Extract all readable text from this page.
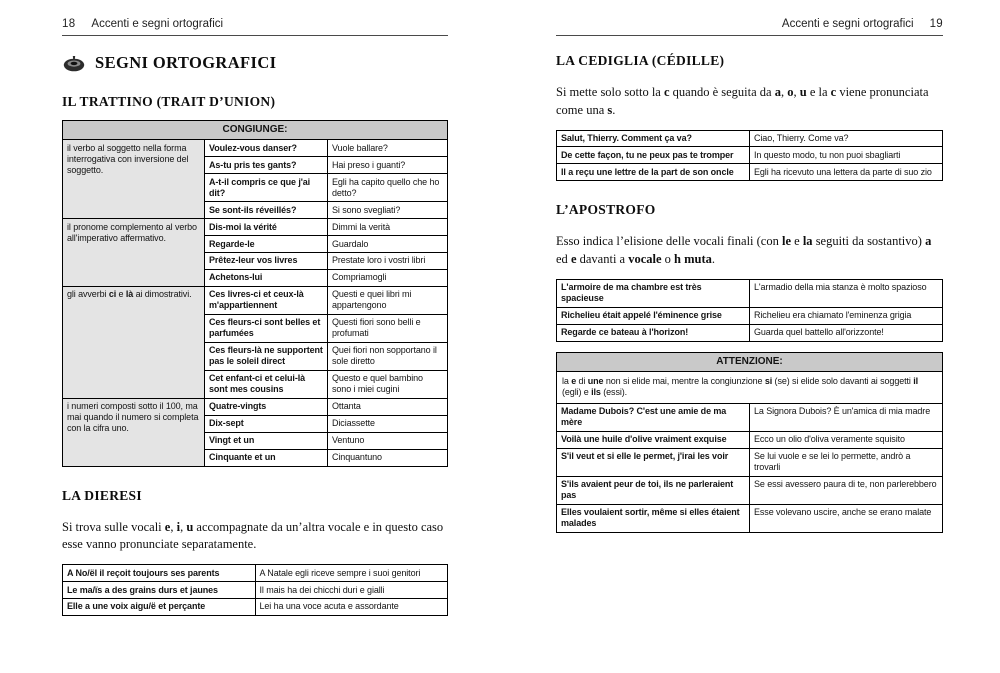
18 Accenti e segni ortografici
SEGNI ORTOGRAFICI
IL TRATTINO (TRAIT D’UNION)
CONGIUNGE:		
il verbo al soggetto nella forma interrogativa con inversione del soggetto.	Voulez-vous danser?	Vuole ballare?
	As-tu pris tes gants?	Hai preso i guanti?
	A-t-il compris ce que j'ai dit?	Egli ha capito quello che ho detto?
	Se sont-ils réveillés?	Si sono svegliati?
il pronome complemento al verbo all'imperativo affermativo.	Dis-moi la vérité	Dimmi la verità
	Regarde-le	Guardalo
	Prêtez-leur vos livres	Prestate loro i vostri libri
	Achetons-lui	Compriamogli
gli avverbi ci e là ai dimostrativi.	Ces livres-ci et ceux-là m'appartiennent	Questi e quei libri mi appartengono
	Ces fleurs-ci sont belles et parfumées	Questi fiori sono belli e profumati
	Ces fleurs-là ne supportent pas le soleil direct	Quei fiori non sopportano il sole diretto
	Cet enfant-ci et celui-là sont mes cousins	Questo e quel bambino sono i miei cugini
i numeri composti sotto il 100, ma mai quando il numero si completa con la cifra uno.	Quatre-vingts	Ottanta
	Dix-sept	Diciassette
	Vingt et un	Ventuno
	Cinquante et un	Cinquantuno
LA DIERESI

Si trova sulle vocali e, i, u accompagnate da un’altra vocale e in questo caso esse vanno pronunciate separatamente.

A No/ël il reçoit toujours ses parents	A Natale egli riceve sempre i suoi genitori
Le ma/ïs a des grains durs et jaunes	Il mais ha dei chicchi duri e gialli
Elle a une voix aigu/ë et perçante	Lei ha una voce acuta e assordante
Accenti e segni ortografici 19
LA CEDIGLIA (CÉDILLE)

Si mette solo sotto la c quando è seguita da a, o, u e la c viene pronunciata come una s.

Salut, Thierry. Comment ça va?	Ciao, Thierry. Come va?
De cette façon, tu ne peux pas te tromper	In questo modo, tu non puoi sbagliarti
Il a reçu une lettre de la part de son oncle	Egli ha ricevuto una lettera da parte di suo zio
L’APOSTROFO

Esso indica l’elisione delle vocali finali (con le e la seguiti da sostantivo) a ed e davanti a vocale o h muta.

L'armoire de ma chambre est très spacieuse	L'armadio della mia stanza è molto spazioso
Richelieu était appelé l'éminence grise	Richelieu era chiamato l'eminenza grigia
Regarde ce bateau à l'horizon!	Guarda quel battello all'orizzonte!
ATTENZIONE:	
la e di une non si elide mai, mentre la congiunzione si (se) si elide solo davanti ai soggetti il (egli) e ils (essi).	
Madame Dubois? C'est une amie de ma mère	La Signora Dubois? È un'amica di mia madre
Voilà une huile d'olive vraiment exquise	Ecco un olio d'oliva veramente squisito
S'il veut et si elle le permet, j'irai les voir	Se lui vuole e se lei lo permette, andrò a trovarli
S'ils avaient peur de toi, ils ne parleraient pas	Se essi avessero paura di te, non parlerebbero
Elles voulaient sortir, même si elles étaient malades	Esse volevano uscire, anche se erano malate
